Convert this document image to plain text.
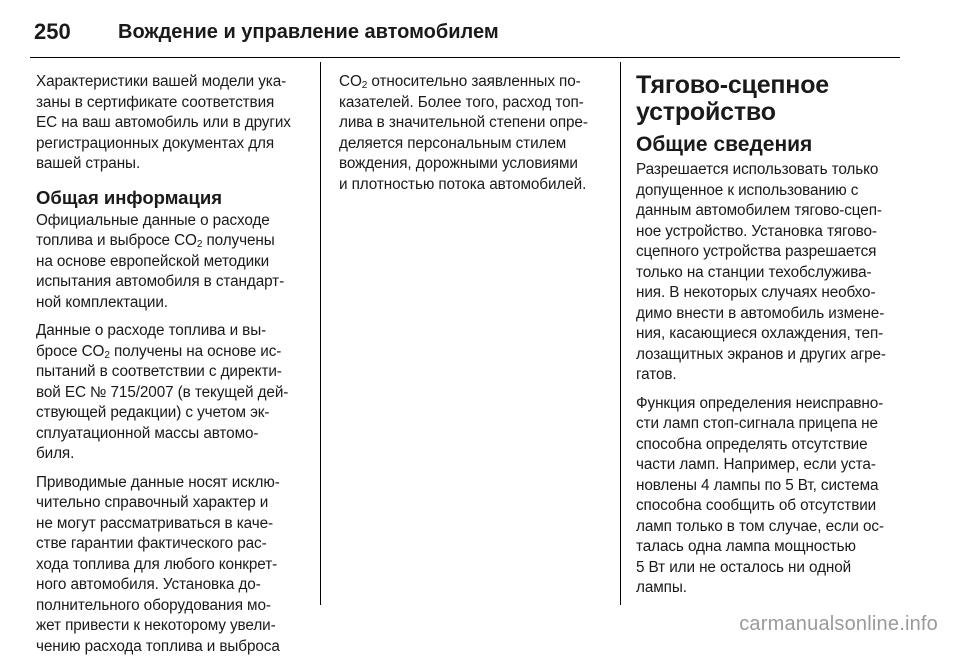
250	Вождение и управление автомобилем

Характеристики вашей модели ука-
заны в сертификате соответствия
ЕС на ваш автомобиль или в других
регистрационных документах для
вашей страны.

Общая информация

Официальные данные о расходе
топлива и выбросе $CO_2$ получены
на основе европейской методики
испытания автомобиля в стандарт-
ной комплектации.

Данные о расходе топлива и вы-
бросе $CO_2$ получены на основе ис-
пытаний в соответствии с директи-
вой ЕС № 715/2007 (в текущей дей-
ствующей редакции) с учетом эк-
сплуатационной массы автомо-
биля.

Приводимые данные носят исклю-
чительно справочный характер и
не могут рассматриваться в каче-
стве гарантии фактического рас-
хода топлива для любого конкрет-
ного автомобиля. Установка до-
полнительного оборудования мо-
жет привести к некоторому увели-
чению расхода топлива и выброса

$CO_2$ относительно заявленных по-
казателей. Более того, расход топ-
лива в значительной степени опре-
деляется персональным стилем
вождения, дорожными условиями
и плотностью потока автомобилей.

Тягово-сцепное
устройство
Общие сведения

Разрешается использовать только
допущенное к использованию с
данным автомобилем тягово-сцеп-
ное устройство. Установка тягово-
сцепного устройства разрешается
только на станции техобслужива-
ния. В некоторых случаях необхо-
димо внести в автомобиль измене-
ния, касающиеся охлаждения, теп-
лозащитных экранов и других агре-
гатов.

Функция определения неисправно-
сти ламп стоп-сигнала прицепа не
способна определять отсутствие
части ламп. Например, если уста-
новлены 4 лампы по 5 Вт, система
способна сообщить об отсутствии
ламп только в том случае, если ос-
талась одна лампа мощностью
5 Вт или не осталось ни одной
лампы.

carmanualsonline.info
